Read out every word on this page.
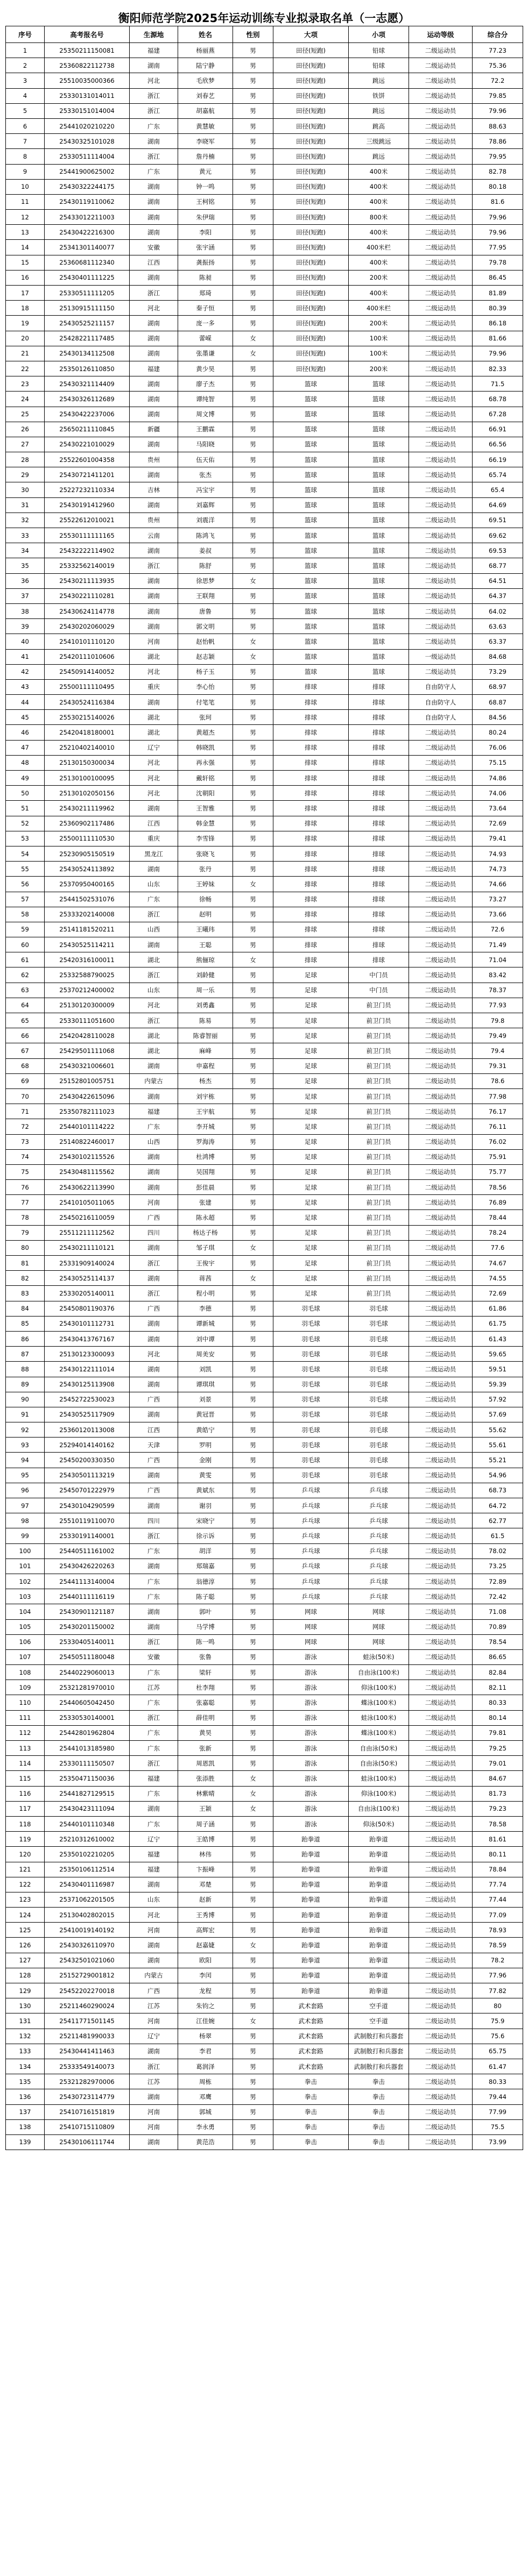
衡阳师范学院2025年运动训练专业拟录取名单（一志愿）
序号	高考报名号	生源地	姓名	性别	大项	小项	运动等级	综合分
1	25350211150081	福建	杨丽燕	男	田径(短跑)	铅球	二级运动员	77.23
2	25360822112738	湖南	陆宁静	男	田径(短跑)	铅球	二级运动员	75.36
3	25510035000366	河北	毛欣梦	男	田径(短跑)	跳远	二级运动员	72.2
4	25330131014011	浙江	刘春艺	男	田径(短跑)	铁饼	二级运动员	79.85
5	25330151014004	浙江	胡嘉航	男	田径(短跑)	跳远	二级运动员	79.96
6	25441020210220	广东	黄慧敏	男	田径(短跑)	跳高	二级运动员	88.63
7	25430325101028	湖南	李晓军	男	田径(短跑)	三级跳远	二级运动员	78.86
8	25330511114004	浙江	詹丹楠	男	田径(短跑)	跳远	二级运动员	79.95
9	25441900625002	广东	黄元	男	田径(短跑)	400米	二级运动员	82.78
10	25430322244175	湖南	钟一鸣	男	田径(短跑)	400米	二级运动员	80.18
11	25430119110062	湖南	王柯铭	男	田径(短跑)	400米	二级运动员	81.6
12	25433012211003	湖南	朱伊瑞	男	田径(短跑)	800米	二级运动员	79.96
13	25430422216300	湖南	李阳	男	田径(短跑)	400米	二级运动员	79.96
14	25341301140077	安徽	张宇涵	男	田径(短跑)	400米栏	二级运动员	77.95
15	25360681112340	江西	龚振扬	男	田径(短跑)	400米	二级运动员	79.78
16	25430401111225	湖南	陈昶	男	田径(短跑)	200米	二级运动员	86.45
17	25330511111205	浙江	郑琦	男	田径(短跑)	400米	二级运动员	81.89
18	25130915111150	河北	秦子恒	男	田径(短跑)	400米栏	二级运动员	80.39
19	25430525211157	湖南	庞一多	男	田径(短跑)	200米	二级运动员	86.18
20	25428221117485	湖南	蕾嵘	女	田径(短跑)	100米	二级运动员	81.66
21	25430134112508	湖南	张墨谦	女	田径(短跑)	100米	二级运动员	79.96
22	25350126110850	福建	黄少昊	男	田径(短跑)	200米	二级运动员	82.33
23	25430321114409	湖南	廖子杰	男	篮球	篮球	二级运动员	71.5
24	25430326112689	湖南	谭纯智	男	篮球	篮球	二级运动员	68.78
25	25430422237006	湖南	周文博	男	篮球	篮球	二级运动员	67.28
26	25650211110845	新疆	王鹏霖	男	篮球	篮球	二级运动员	66.91
27	25430221010029	湖南	马阳晓	男	篮球	篮球	二级运动员	66.56
28	25522601004358	贵州	伍天佑	男	篮球	篮球	二级运动员	66.19
29	25430721411201	湖南	张杰	男	篮球	篮球	二级运动员	65.74
30	25227232110334	吉林	冯宝宇	男	篮球	篮球	二级运动员	65.4
31	25430191412960	湖南	刘嘉辉	男	篮球	篮球	二级运动员	64.69
32	25522612010021	贵州	刘震洋	男	篮球	篮球	二级运动员	69.51
33	25530111111165	云南	陈鸿飞	男	篮球	篮球	二级运动员	69.62
34	25432222114902	湖南	姜叔	男	篮球	篮球	二级运动员	69.53
35	25332562140019	浙江	陈舒	男	篮球	篮球	二级运动员	68.77
36	25430211113935	湖南	徐思梦	女	篮球	篮球	二级运动员	64.51
37	25430221110281	湖南	王联翔	男	篮球	篮球	二级运动员	64.37
38	25430624114778	湖南	唐鲁	男	篮球	篮球	二级运动员	64.02
39	25430202060029	湖南	郭文明	男	篮球	篮球	二级运动员	63.63
40	25410101110120	河南	赵怡帆	女	篮球	篮球	二级运动员	63.37
41	25420111010606	湖北	赵志颖	女	篮球	篮球	一级运动员	84.68
42	25450914140052	河北	杨子玉	男	篮球	篮球	二级运动员	73.29
43	25500111110495	重庆	李心怡	男	排球	排球	自由防守人	68.97
44	25430524116384	湖南	付笔笔	男	排球	排球	自由防守人	68.87
45	25530215140026	湖北	张珂	男	排球	排球	自由防守人	84.56
46	25420418180001	湖北	黄超杰	男	排球	排球	二级运动员	80.24
47	25210402140010	辽宁	韩晓凯	男	排球	排球	二级运动员	76.06
48	25130150300034	河北	再永强	男	排球	排球	二级运动员	75.15
49	25130100100095	河北	戴轩铭	男	排球	排球	二级运动员	74.86
50	25130102050156	河北	沈朝阳	男	排球	排球	二级运动员	74.06
51	25430211119962	湖南	王智雅	男	排球	排球	二级运动员	73.64
52	25360902117486	江西	韩金慧	男	排球	排球	二级运动员	72.69
53	25500111110530	重庆	李雪锋	男	排球	排球	二级运动员	79.41
54	25230905150519	黑龙江	张晓飞	男	排球	排球	二级运动员	74.93
55	25430524113892	湖南	张丹	男	排球	排球	二级运动员	74.73
56	25370950400165	山东	王婷妹	女	排球	排球	二级运动员	74.66
57	25441502531076	广东	徐畅	男	排球	排球	二级运动员	73.27
58	25333202140008	浙江	赵明	男	排球	排球	二级运动员	73.66
59	25141181520211	山西	王曦玮	男	排球	排球	二级运动员	72.6
60	25430525114211	湖南	王聪	男	排球	排球	二级运动员	71.49
61	25420316100011	湖北	熊俪琼	女	排球	排球	二级运动员	71.04
62	25332588790025	浙江	刘龄健	男	足球	中门员	二级运动员	83.42
63	25370212400002	山东	周一乐	男	足球	中门员	二级运动员	78.37
64	25130120300009	河北	刘勇鑫	男	足球	前卫门员	二级运动员	77.93
65	25330111051600	浙江	陈易	男	足球	前卫门员	二级运动员	79.8
66	25420428110028	湖北	陈睿智丽	男	足球	前卫门员	二级运动员	79.49
67	25429501111068	湖北	麻峰	男	足球	前卫门员	二级运动员	79.4
68	25430321006601	湖南	申嘉程	男	足球	前卫门员	二级运动员	79.31
69	25152801005751	内蒙古	杨杰	男	足球	前卫门员	二级运动员	78.6
70	25430422615096	湖南	刘宇栋	男	足球	前卫门员	二级运动员	77.98
71	25350782111023	福建	王宇航	男	足球	前卫门员	二级运动员	76.17
72	25440101114222	广东	李开城	男	足球	前卫门员	二级运动员	76.11
73	25140822460017	山西	罗海涛	男	足球	前卫门员	二级运动员	76.02
74	25430102115526	湖南	杜鸿博	男	足球	前卫门员	二级运动员	75.91
75	25430481115562	湖南	吴国翔	男	足球	前卫门员	二级运动员	75.77
76	25430622113990	湖南	彭佳晨	男	足球	前卫门员	二级运动员	78.56
77	25410105011065	河南	张建	男	足球	前卫门员	二级运动员	76.89
78	25450216110059	广西	陈永超	男	足球	前卫门员	二级运动员	78.44
79	25511211112562	四川	杨达子杨	男	足球	前卫门员	二级运动员	78.24
80	25430211110121	湖南	邹子琪	女	足球	前卫门员	二级运动员	77.6
81	25331909140024	浙江	王俊宇	男	足球	前卫门员	二级运动员	74.67
82	25430525114137	湖南	蒋茜	女	足球	前卫门员	二级运动员	74.55
83	25330205140011	浙江	程小明	男	足球	前卫门员	二级运动员	72.69
84	25450801190376	广西	李德	男	羽毛球	羽毛球	二级运动员	61.86
85	25430101112731	湖南	谭新城	男	羽毛球	羽毛球	二级运动员	61.75
86	25430413767167	湖南	刘中谭	男	羽毛球	羽毛球	二级运动员	61.43
87	25130123300093	河北	周美安	男	羽毛球	羽毛球	二级运动员	59.65
88	25430122111014	湖南	刘凯	男	羽毛球	羽毛球	二级运动员	59.51
89	25430125113908	湖南	谭琪琪	男	羽毛球	羽毛球	二级运动员	59.39
90	25452722530023	广西	刘景	男	羽毛球	羽毛球	二级运动员	57.92
91	25430525117909	湖南	黄冠晋	男	羽毛球	羽毛球	二级运动员	57.69
92	25360120113008	江西	黄皓宁	男	羽毛球	羽毛球	二级运动员	55.62
93	25294014140162	天津	罗明	男	羽毛球	羽毛球	二级运动员	55.61
94	25450200330350	广西	金刚	男	羽毛球	羽毛球	二级运动员	55.21
95	25430501113219	湖南	黄雯	男	羽毛球	羽毛球	二级运动员	54.96
96	25450701222979	广西	黄斌东	男	乒乓球	乒乓球	二级运动员	68.73
97	25430104290599	湖南	谢羽	男	乒乓球	乒乓球	二级运动员	64.72
98	25510119110070	四川	宋晓宁	男	乒乓球	乒乓球	二级运动员	62.77
99	25330191140001	浙江	徐示诉	男	乒乓球	乒乓球	二级运动员	61.5
100	25440511161002	广东	胡洋	男	乒乓球	乒乓球	二级运动员	78.02
101	25430426220263	湖南	郑瑞嘉	男	乒乓球	乒乓球	二级运动员	73.25
102	25441113140004	广东	翁德淳	男	乒乓球	乒乓球	二级运动员	72.89
103	25440111116119	广东	陈子聪	男	乒乓球	乒乓球	二级运动员	72.42
104	25430901121187	湖南	郭叶	男	网球	网球	二级运动员	71.08
105	25430201150002	湖南	马学博	男	网球	网球	二级运动员	70.89
106	25330405140011	浙江	陈一鸣	男	网球	网球	二级运动员	78.54
107	25450511180048	安徽	张鲁	男	游泳	蛙泳(50米)	二级运动员	86.65
108	25440229060013	广东	梁轩	男	游泳	自由泳(100米)	二级运动员	82.84
109	25321281970010	江苏	杜李翔	男	游泳	仰泳(100米)	二级运动员	82.11
110	25440605042450	广东	张嘉聪	男	游泳	蝶泳(100米)	二级运动员	80.33
111	25330530140001	浙江	薛佳明	男	游泳	蛙泳(100米)	二级运动员	80.14
112	25442801962804	广东	黄昊	男	游泳	蝶泳(100米)	二级运动员	79.81
113	25441013185980	广东	张新	男	游泳	自由泳(50米)	二级运动员	79.25
114	25330111150507	浙江	周恩凯	男	游泳	自由泳(50米)	二级运动员	79.01
115	25350471150036	福建	张添胜	女	游泳	蛙泳(100米)	二级运动员	84.67
116	25441827129515	广东	林紫晴	女	游泳	仰泳(100米)	二级运动员	81.73
117	25430423111094	湖南	王颖	女	游泳	自由泳(100米)	二级运动员	79.23
118	25440101110348	广东	周子涵	男	游泳	仰泳(50米)	二级运动员	78.58
119	25210312610002	辽宁	王皓博	男	跆拳道	跆拳道	二级运动员	81.61
120	25350102210205	福建	林伟	男	跆拳道	跆拳道	二级运动员	80.11
121	25350106112514	福建	卞振峰	男	跆拳道	跆拳道	二级运动员	78.84
122	25430401116987	湖南	邓楚	男	跆拳道	跆拳道	二级运动员	77.74
123	25371062201505	山东	赵新	男	跆拳道	跆拳道	二级运动员	77.44
124	25130402802015	河北	王秀博	男	跆拳道	跆拳道	二级运动员	77.09
125	25410019140192	河南	高辉宏	男	跆拳道	跆拳道	二级运动员	78.93
126	25430326110970	湖南	赵嘉婕	女	跆拳道	跆拳道	二级运动员	78.59
127	25432501021060	湖南	欧阳	男	跆拳道	跆拳道	二级运动员	78.2
128	25152729001812	内蒙古	李闰	男	跆拳道	跆拳道	二级运动员	77.96
129	25452202270018	广西	龙程	男	跆拳道	跆拳道	二级运动员	77.82
130	25211460290024	江苏	朱钧之	男	武术套路	空手道	二级运动员	80
131	25411771501145	河南	江佳婉	女	武术套路	空手道	二级运动员	75.9
132	25211481990033	辽宁	杨翠	男	武术套路	武制散打和兵器套	二级运动员	75.6
133	25430441411463	湖南	李君	男	武术套路	武制散打和兵器套	二级运动员	65.75
134	25333549140073	浙江	葛润泽	男	武术套路	武制散打和兵器套	二级运动员	61.47
135	25321282970006	江苏	周栋	男	拳击	拳击	二级运动员	80.33
136	25430723114779	湖南	邓鹰	男	拳击	拳击	二级运动员	79.44
137	25410716151819	河南	郭城	男	拳击	拳击	二级运动员	77.99
138	25410715110809	河南	李永勇	男	拳击	拳击	二级运动员	75.5
139	25430106111744	湖南	黄范浩	男	拳击	拳击	二级运动员	73.99
